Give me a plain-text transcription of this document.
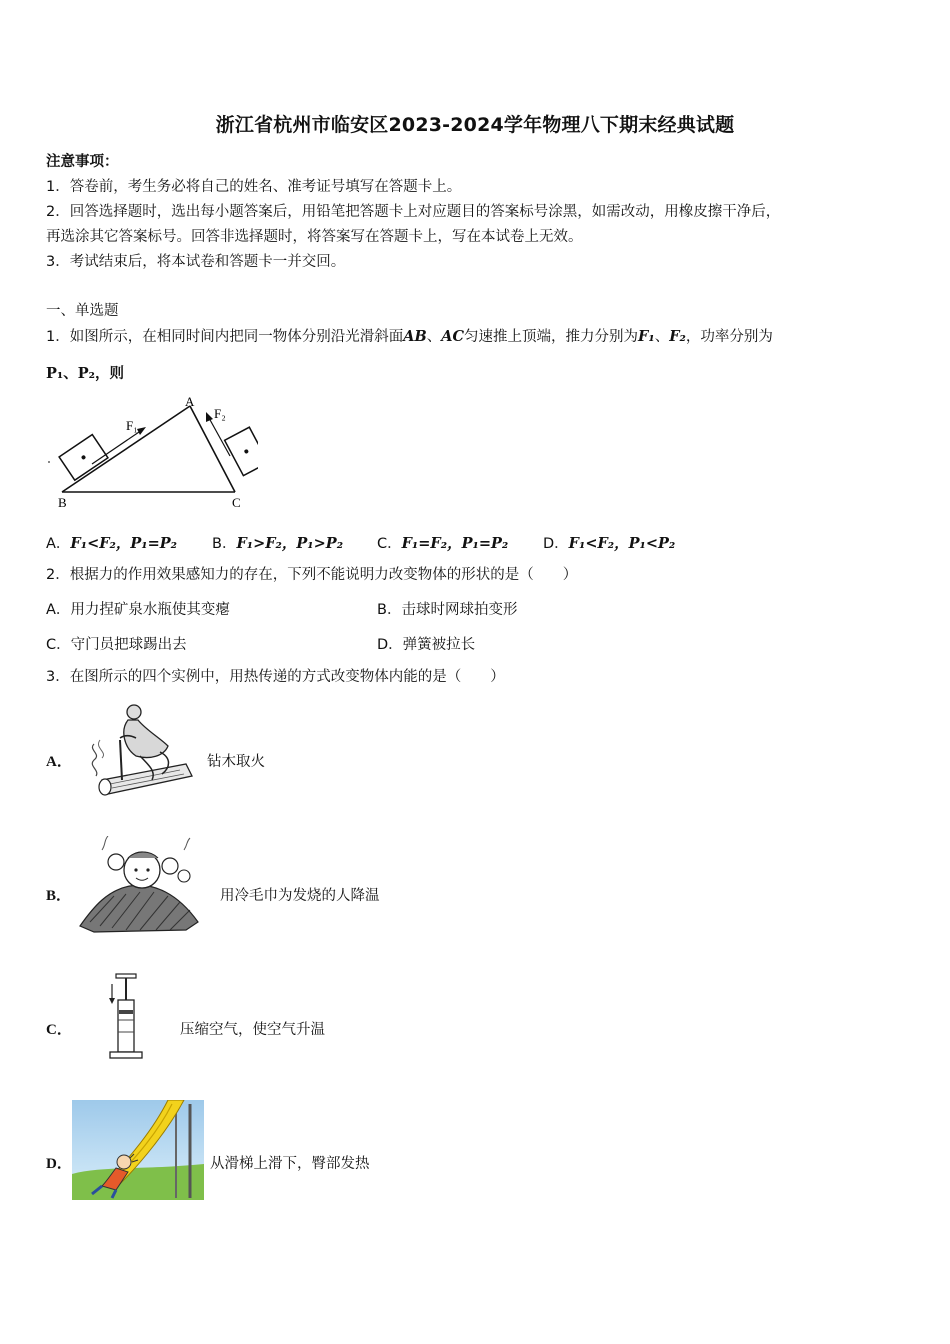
浙江省杭州市临安区2023-2024学年物理八下期末经典试题
注意事项：
1．答卷前，考生务必将自己的姓名、准考证号填写在答题卡上。
2．回答选择题时，选出每小题答案后，用铅笔把答题卡上对应题目的答案标号涂黑，如需改动，用橡皮擦干净后，
再选涂其它答案标号。回答非选择题时，将答案写在答题卡上，写在本试卷上无效。
3．考试结束后，将本试卷和答题卡一并交回。
一、单选题
1．如图所示，在相同时间内把同一物体分别沿光滑斜面AB、AC匀速推上顶端，推力分别为F₁、F₂，功率分别为
P₁、P₂，则
A
B	C
F₁
F₂
A．F₁<F₂，P₁=P₂ B．F₁>F₂，P₁>P₂ C．F₁=F₂，P₁=P₂ D．F₁<F₂，P₁<P₂
2．根据力的作用效果感知力的存在，下列不能说明力改变物体的形状的是（　　）
A．用力捏矿泉水瓶使其变瘪	B．击球时网球拍变形
C．守门员把球踢出去	D．弹簧被拉长
3．在图所示的四个实例中，用热传递的方式改变物体内能的是（　　）
A．	钻木取火
B．	用冷毛巾为发烧的人降温
C．	压缩空气，使空气升温
D．	从滑梯上滑下，臀部发热
